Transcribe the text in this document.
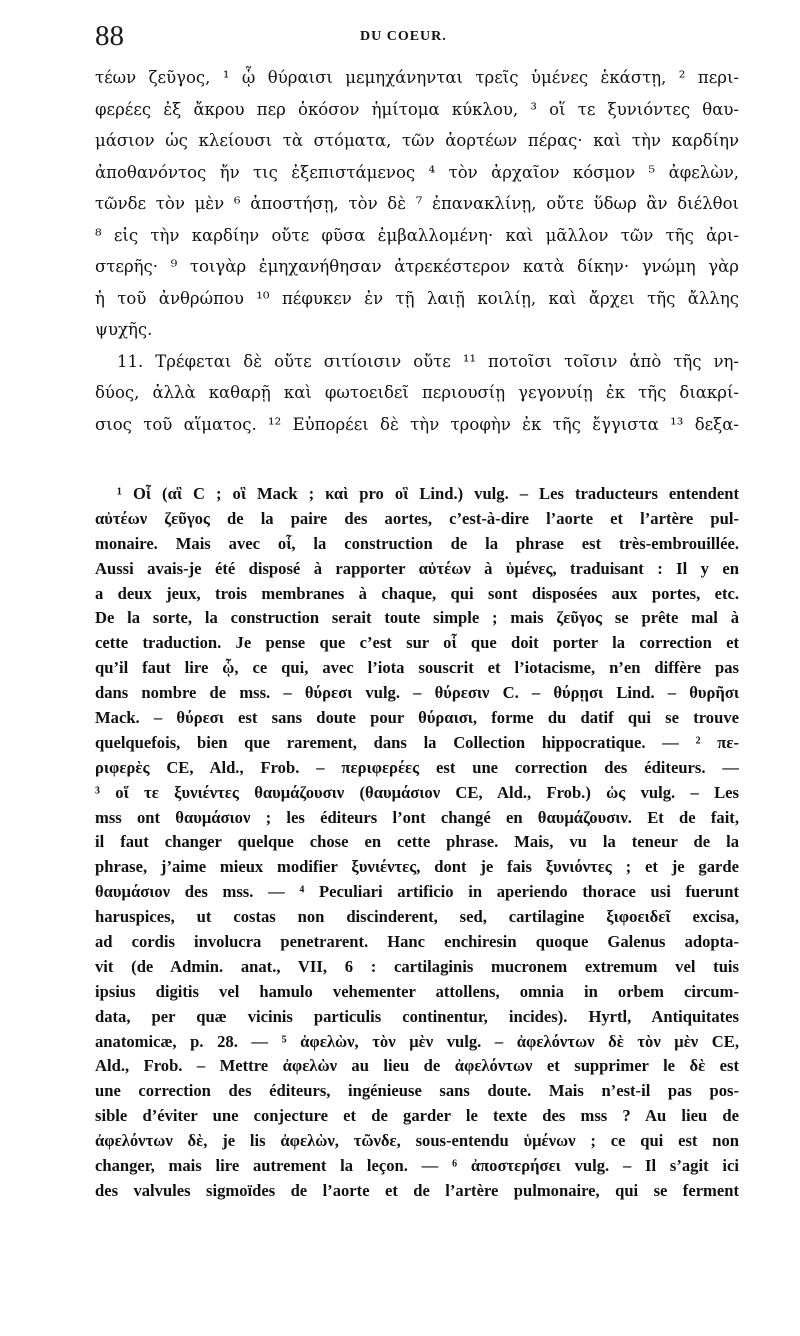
88	DU COEUR.
τέων ζεῦγος, ¹ ᾧ θύραισι μεμηχάνηνται τρεῖς ὑμένες ἑκάστῃ, ² περι-
φερέες ἐξ ἄκρου περ ὁκόσον ἡμίτομα κύκλου, ³ οἵ τε ξυνιόντες θαυ-
μάσιον ὡς κλείουσι τὰ στόματα, τῶν ἀορτέων πέρας· καὶ τὴν καρδίην
ἀποθανόντος ἤν τις ἐξεπιστάμενος ⁴ τὸν ἀρχαῖον κόσμον ⁵ ἀφελὼν,
τῶνδε τὸν μὲν ⁶ ἀποστήσῃ, τὸν δὲ ⁷ ἐπανακλίνῃ, οὔτε ὕδωρ ἂν διέλθοι
⁸ εἰς τὴν καρδίην οὔτε φῦσα ἐμβαλλομένη· καὶ μᾶλλον τῶν τῆς ἀρι-
στερῆς· ⁹ τοιγὰρ ἐμηχανήθησαν ἀτρεκέστερον κατὰ δίκην· γνώμη γὰρ
ἡ τοῦ ἀνθρώπου ¹⁰ πέφυκεν ἐν τῇ λαιῇ κοιλίῃ, καὶ ἄρχει τῆς ἄλλης
ψυχῆς.
11. Τρέφεται δὲ οὔτε σιτίοισιν οὔτε ¹¹ ποτοῖσι τοῖσιν ἀπὸ τῆς νη-
δύος, ἀλλὰ καθαρῇ καὶ φωτοειδεῖ περιουσίῃ γεγονυίῃ ἐκ τῆς διακρί-
σιος τοῦ αἵματος. ¹² Εὐπορέει δὲ τὴν τροφὴν ἐκ τῆς ἔγγιστα ¹³ δεξα-
¹ Οἷ (αἳ C ; οἳ Mack ; καὶ pro οἳ Lind.) vulg. – Les traducteurs entendent
αὐτέων ζεῦγος de la paire des aortes, c’est-à-dire l’aorte et l’artère pul-
monaire. Mais avec οἷ, la construction de la phrase est très-embrouillée.
Aussi avais-je été disposé à rapporter αὐτέων à ὑμένες, traduisant : Il y en
a deux jeux, trois membranes à chaque, qui sont disposées aux portes, etc.
De la sorte, la construction serait toute simple ; mais ζεῦγος se prête mal à
cette traduction. Je pense que c’est sur οἷ que doit porter la correction et
qu’il faut lire ᾧ, ce qui, avec l’iota souscrit et l’iotacisme, n’en diffère pas
dans nombre de mss. – θύρεσι vulg. – θύρεσιν C. – θύρῃσι Lind. – θυρῆσι
Mack. – θύρεσι est sans doute pour θύραισι, forme du datif qui se trouve
quelquefois, bien que rarement, dans la Collection hippocratique. — ² πε-
ριφερὲς CE, Ald., Frob. – περιφερέες est une correction des éditeurs. —
³ οἵ τε ξυνιέντες θαυμάζουσιν (θαυμάσιον CE, Ald., Frob.) ὡς vulg. – Les
mss ont θαυμάσιον ; les éditeurs l’ont changé en θαυμάζουσιν. Et de fait,
il faut changer quelque chose en cette phrase. Mais, vu la teneur de la
phrase, j’aime mieux modifier ξυνιέντες, dont je fais ξυνιόντες ; et je garde
θαυμάσιον des mss. — ⁴ Peculiari artificio in aperiendo thorace usi fuerunt
haruspices, ut costas non discinderent, sed, cartilagine ξιφοειδεῖ excisa,
ad cordis involucra penetrarent. Hanc enchiresin quoque Galenus adopta-
vit (de Admin. anat., VII, 6 : cartilaginis mucronem extremum vel tuis
ipsius digitis vel hamulo vehementer attollens, omnia in orbem circum-
data, per quæ vicinis particulis continentur, incides). Hyrtl, Antiquitates
anatomicæ, p. 28. — ⁵ ἀφελὼν, τὸν μὲν vulg. – ἀφελόντων δὲ τὸν μὲν CE,
Ald., Frob. – Mettre ἀφελὼν au lieu de ἀφελόντων et supprimer le δὲ est
une correction des éditeurs, ingénieuse sans doute. Mais n’est-il pas pos-
sible d’éviter une conjecture et de garder le texte des mss ? Au lieu de
ἀφελόντων δὲ, je lis ἀφελὼν, τῶνδε, sous-entendu ὑμένων ; ce qui est non
changer, mais lire autrement la leçon. — ⁶ ἀποστερήσει vulg. – Il s’agit ici
des valvules sigmoïdes de l’aorte et de l’artère pulmonaire, qui se ferment
